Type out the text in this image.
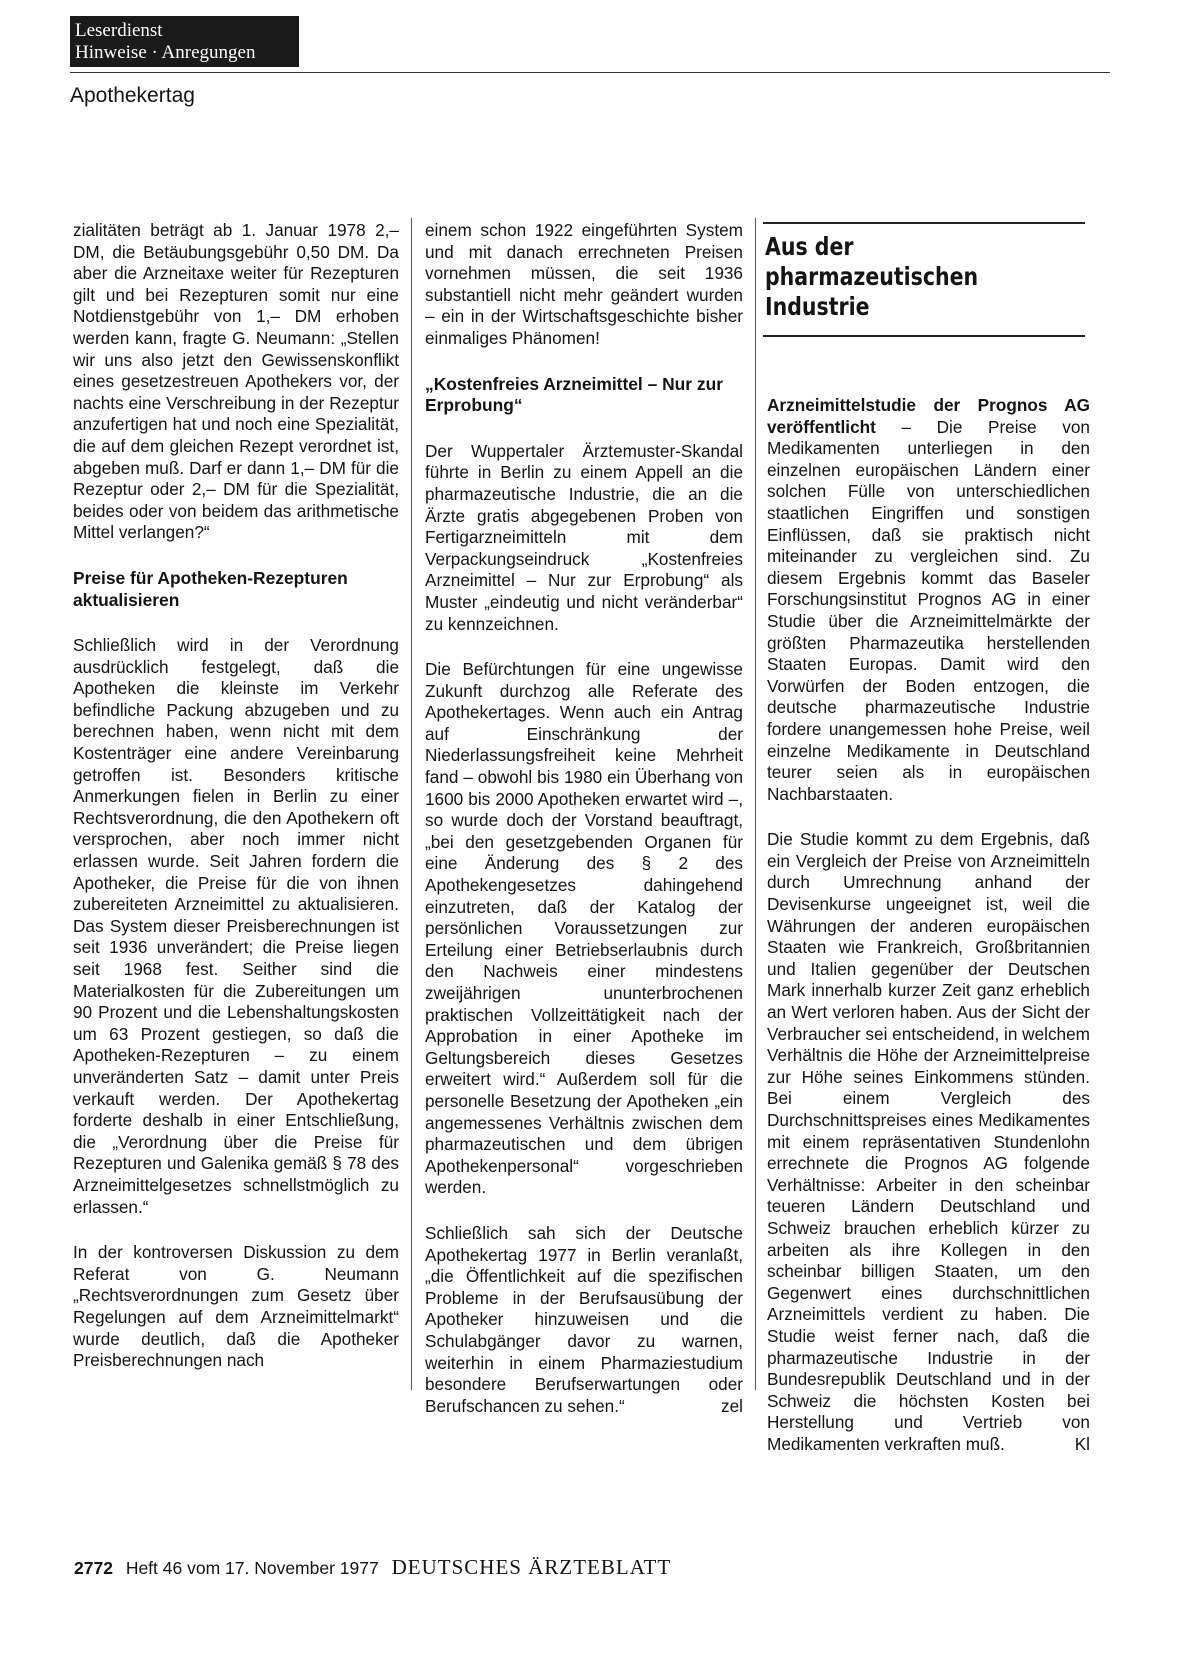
Leserdienst
Hinweise · Anregungen
Apothekertag

zialitäten beträgt ab 1. Januar 1978 2,– DM, die Betäubungsgebühr 0,50 DM. Da aber die Arzneitaxe weiter für Rezepturen gilt und bei Rezepturen somit nur eine Notdienstgebühr von 1,– DM erhoben werden kann, fragte G. Neumann: „Stellen wir uns also jetzt den Gewissenskonflikt eines gesetzestreuen Apothekers vor, der nachts eine Verschreibung in der Rezeptur anzufertigen hat und noch eine Spezialität, die auf dem gleichen Rezept verordnet ist, abgeben muß. Darf er dann 1,– DM für die Rezeptur oder 2,– DM für die Spezialität, beides oder von beidem das arithmetische Mittel verlangen?“

Preise für Apotheken-Rezepturen aktualisieren

Schließlich wird in der Verordnung ausdrücklich festgelegt, daß die Apotheken die kleinste im Verkehr befindliche Packung abzugeben und zu berechnen haben, wenn nicht mit dem Kostenträger eine andere Vereinbarung getroffen ist. Besonders kritische Anmerkungen fielen in Berlin zu einer Rechtsverordnung, die den Apothekern oft versprochen, aber noch immer nicht erlassen wurde. Seit Jahren fordern die Apotheker, die Preise für die von ihnen zubereiteten Arzneimittel zu aktualisieren. Das System dieser Preisberechnungen ist seit 1936 unverändert; die Preise liegen seit 1968 fest. Seither sind die Materialkosten für die Zubereitungen um 90 Prozent und die Lebenshaltungskosten um 63 Prozent gestiegen, so daß die Apotheken-Rezepturen – zu einem unveränderten Satz – damit unter Preis verkauft werden. Der Apothekertag forderte deshalb in einer Entschließung, die „Verordnung über die Preise für Rezepturen und Galenika gemäß § 78 des Arzneimittelgesetzes schnellstmöglich zu erlassen.“

In der kontroversen Diskussion zu dem Referat von G. Neumann „Rechtsverordnungen zum Gesetz über Regelungen auf dem Arzneimittelmarkt“ wurde deutlich, daß die Apotheker Preisberechnungen nach

einem schon 1922 eingeführten System und mit danach errechneten Preisen vornehmen müssen, die seit 1936 substantiell nicht mehr geändert wurden – ein in der Wirtschaftsgeschichte bisher einmaliges Phänomen!

„Kostenfreies Arzneimittel – Nur zur Erprobung“

Der Wuppertaler Ärztemuster-Skandal führte in Berlin zu einem Appell an die pharmazeutische Industrie, die an die Ärzte gratis abgegebenen Proben von Fertigarzneimitteln mit dem Verpackungseindruck „Kostenfreies Arzneimittel – Nur zur Erprobung“ als Muster „eindeutig und nicht veränderbar“ zu kennzeichnen.

Die Befürchtungen für eine ungewisse Zukunft durchzog alle Referate des Apothekertages. Wenn auch ein Antrag auf Einschränkung der Niederlassungsfreiheit keine Mehrheit fand – obwohl bis 1980 ein Überhang von 1600 bis 2000 Apotheken erwartet wird –, so wurde doch der Vorstand beauftragt, „bei den gesetzgebenden Organen für eine Änderung des § 2 des Apothekengesetzes dahingehend einzutreten, daß der Katalog der persönlichen Voraussetzungen zur Erteilung einer Betriebserlaubnis durch den Nachweis einer mindestens zweijährigen ununterbrochenen praktischen Vollzeittätigkeit nach der Approbation in einer Apotheke im Geltungsbereich dieses Gesetzes erweitert wird.“ Außerdem soll für die personelle Besetzung der Apotheken „ein angemessenes Verhältnis zwischen dem pharmazeutischen und dem übrigen Apothekenpersonal“ vorgeschrieben werden.

Schließlich sah sich der Deutsche Apothekertag 1977 in Berlin veranlaßt, „die Öffentlichkeit auf die spezifischen Probleme in der Berufsausübung der Apotheker hinzuweisen und die Schulabgänger davor zu warnen, weiterhin in einem Pharmaziestudium besondere Berufserwartungen oder Berufschancen zu sehen.“	zel

Aus der
pharmazeutischen
Industrie

Arzneimittelstudie der Prognos AG veröffentlicht – Die Preise von Medikamenten unterliegen in den einzelnen europäischen Ländern einer solchen Fülle von unterschiedlichen staatlichen Eingriffen und sonstigen Einflüssen, daß sie praktisch nicht miteinander zu vergleichen sind. Zu diesem Ergebnis kommt das Baseler Forschungsinstitut Prognos AG in einer Studie über die Arzneimittelmärkte der größten Pharmazeutika herstellenden Staaten Europas. Damit wird den Vorwürfen der Boden entzogen, die deutsche pharmazeutische Industrie fordere unangemessen hohe Preise, weil einzelne Medikamente in Deutschland teurer seien als in europäischen Nachbarstaaten.

Die Studie kommt zu dem Ergebnis, daß ein Vergleich der Preise von Arzneimitteln durch Umrechnung anhand der Devisenkurse ungeeignet ist, weil die Währungen der anderen europäischen Staaten wie Frankreich, Großbritannien und Italien gegenüber der Deutschen Mark innerhalb kurzer Zeit ganz erheblich an Wert verloren haben. Aus der Sicht der Verbraucher sei entscheidend, in welchem Verhältnis die Höhe der Arzneimittelpreise zur Höhe seines Einkommens stünden. Bei einem Vergleich des Durchschnittspreises eines Medikamentes mit einem repräsentativen Stundenlohn errechnete die Prognos AG folgende Verhältnisse: Arbeiter in den scheinbar teueren Ländern Deutschland und Schweiz brauchen erheblich kürzer zu arbeiten als ihre Kollegen in den scheinbar billigen Staaten, um den Gegenwert eines durchschnittlichen Arzneimittels verdient zu haben. Die Studie weist ferner nach, daß die pharmazeutische Industrie in der Bundesrepublik Deutschland und in der Schweiz die höchsten Kosten bei Herstellung und Vertrieb von Medikamenten verkraften muß.	Kl

2772 Heft 46 vom 17. November 1977 DEUTSCHES ÄRZTEBLATT
